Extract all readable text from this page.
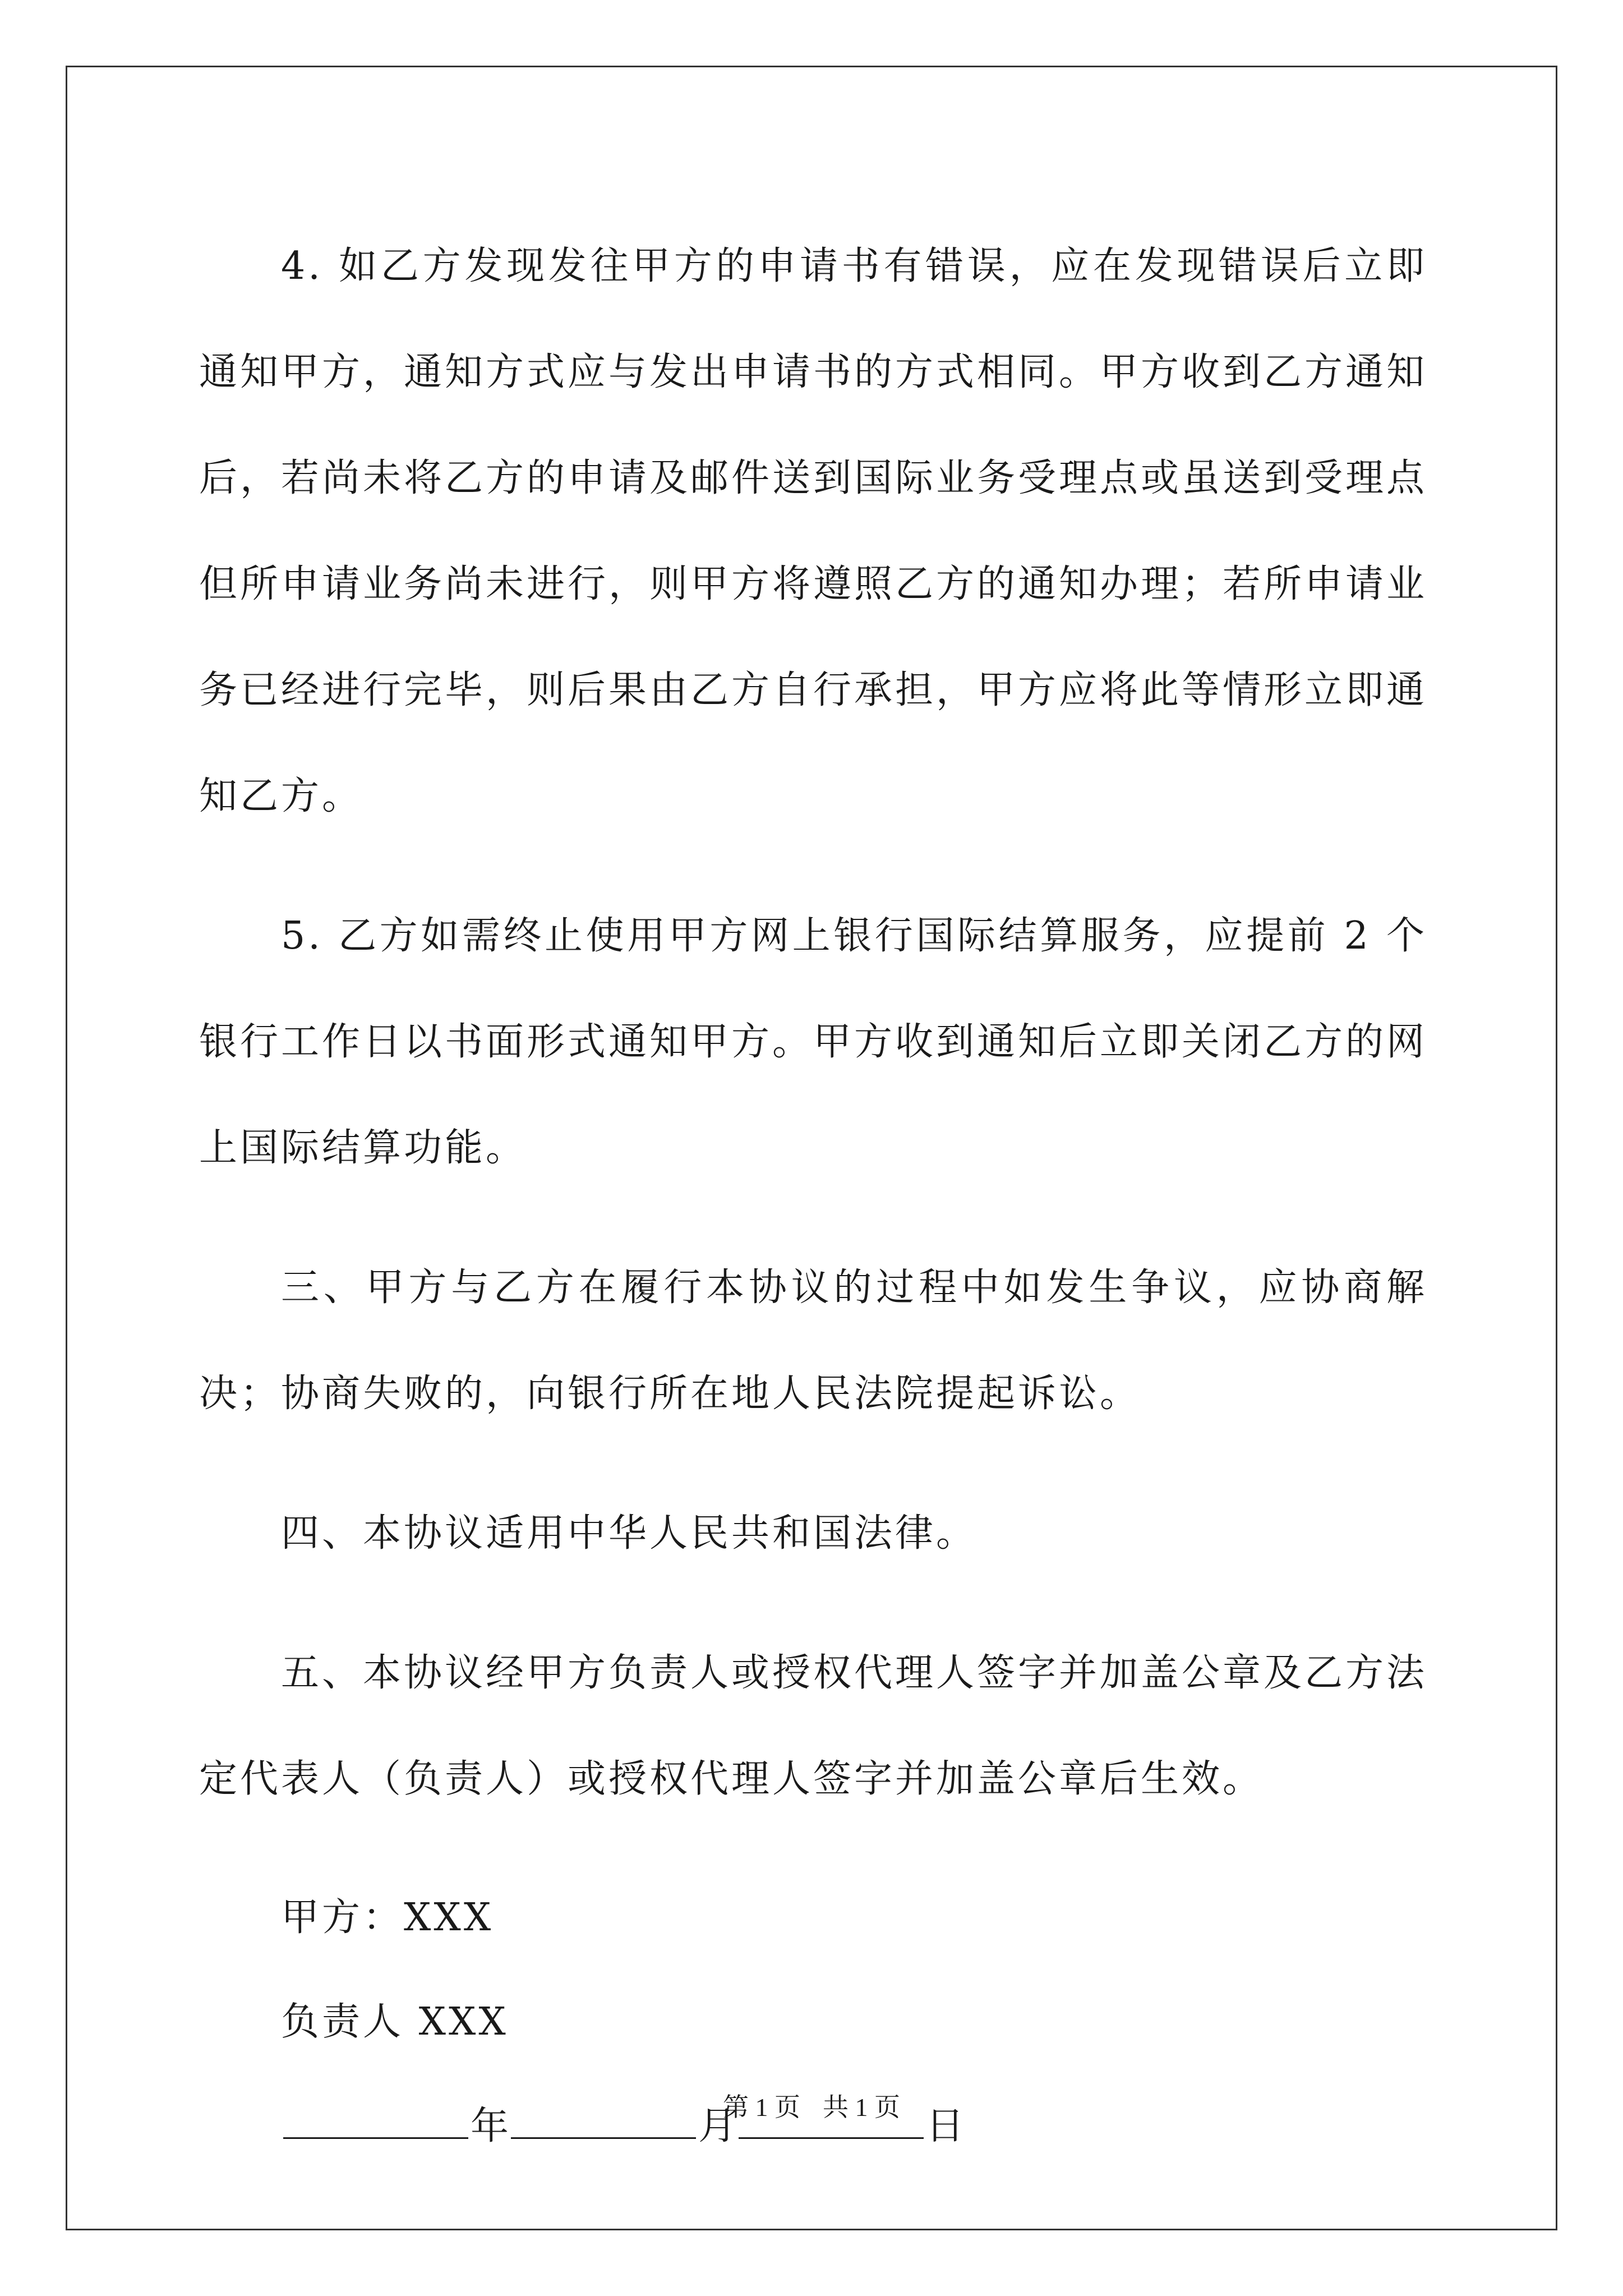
4. 如乙方发现发往甲方的申请书有错误，应在发现错误后立即通知甲方，通知方式应与发出申请书的方式相同。甲方收到乙方通知后，若尚未将乙方的申请及邮件送到国际业务受理点或虽送到受理点但所申请业务尚未进行，则甲方将遵照乙方的通知办理；若所申请业务已经进行完毕，则后果由乙方自行承担，甲方应将此等情形立即通知乙方。

5. 乙方如需终止使用甲方网上银行国际结算服务，应提前 2 个银行工作日以书面形式通知甲方。甲方收到通知后立即关闭乙方的网上国际结算功能。

三、甲方与乙方在履行本协议的过程中如发生争议，应协商解决；协商失败的，向银行所在地人民法院提起诉讼。

四、本协议适用中华人民共和国法律。

五、本协议经甲方负责人或授权代理人签字并加盖公章及乙方法定代表人（负责人）或授权代理人签字并加盖公章后生效。

甲方：XXX

负责人 XXX

年	月	日
第 1 页 共 1 页
